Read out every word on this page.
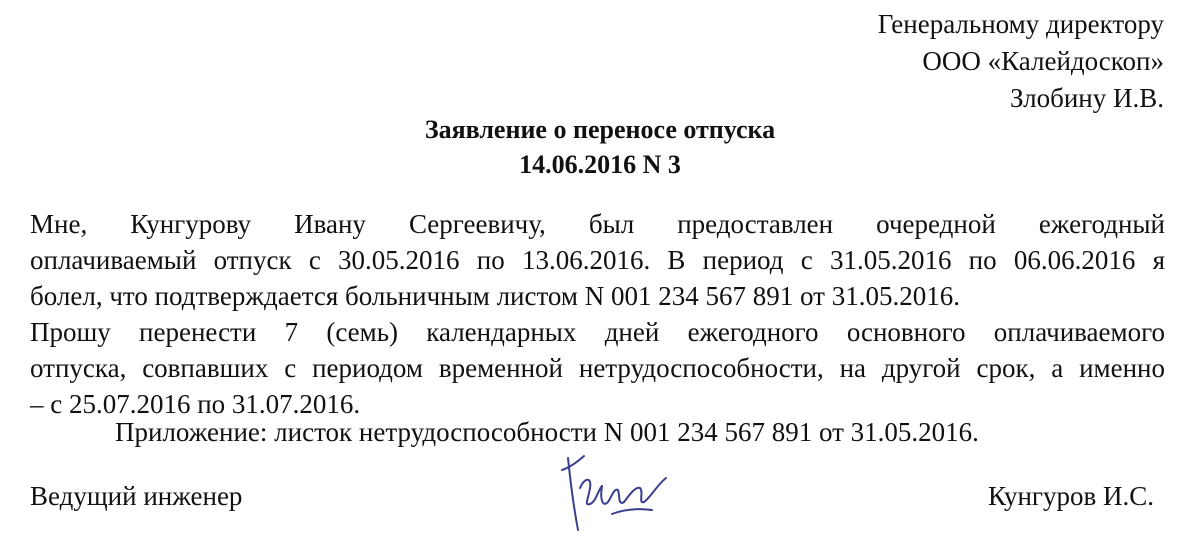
Генеральному директору
ООО «Калейдоскоп»
Злобину И.В.
Заявление о переносе отпуска
14.06.2016 N 3

Мне, Кунгурову Ивану Сергеевичу, был предоставлен очередной ежегодный
оплачиваемый отпуск с 30.05.2016 по 13.06.2016. В период с 31.05.2016 по 06.06.2016 я
болел, что подтверждается больничным листом N 001 234 567 891 от 31.05.2016.

Прошу перенести 7 (семь) календарных дней ежегодного основного оплачиваемого
отпуска, совпавших с периодом временной нетрудоспособности, на другой срок, а именно
– с 25.07.2016 по 31.07.2016.

Приложение: листок нетрудоспособности N 001 234 567 891 от 31.05.2016.
Ведущий инженер	Кунгуров И.С.
